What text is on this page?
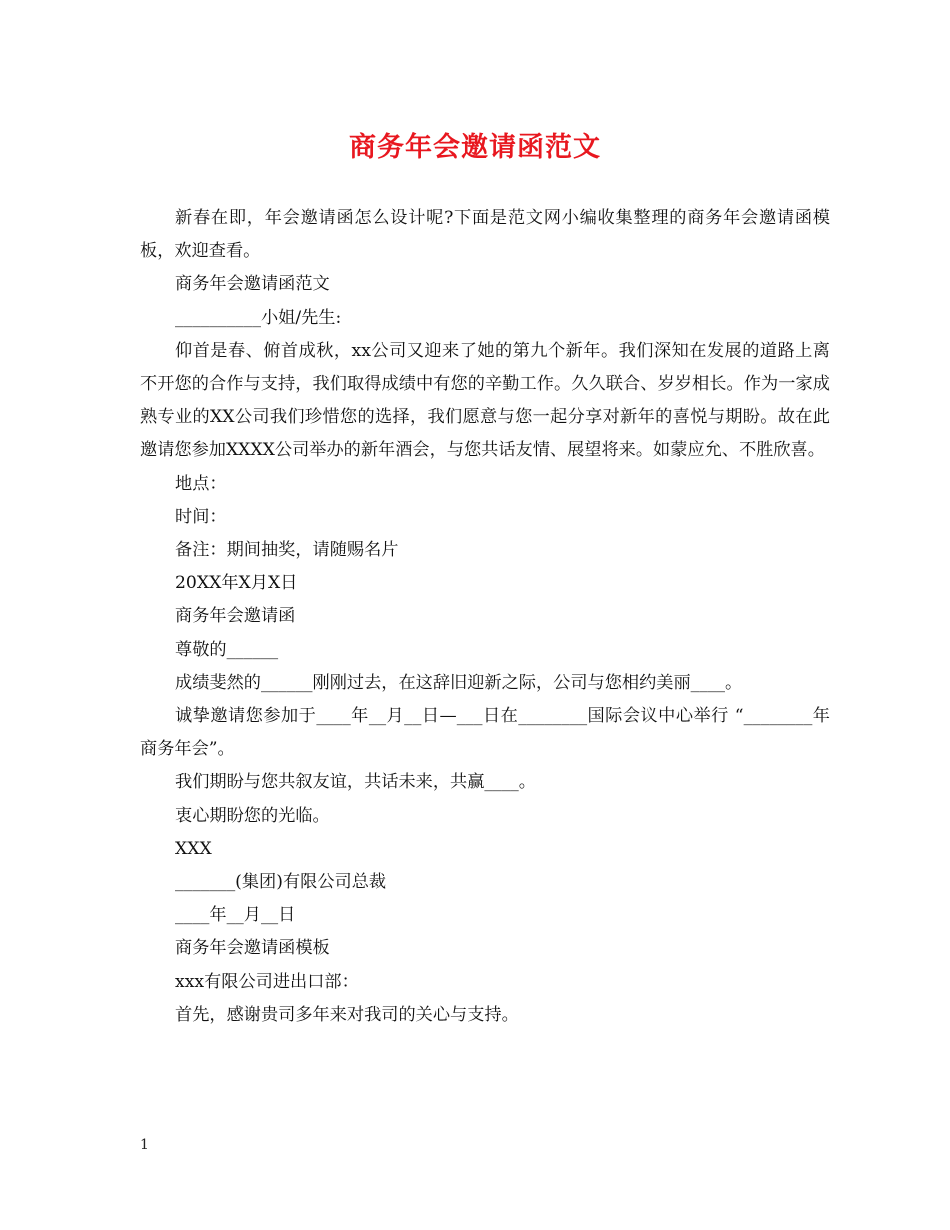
商务年会邀请函范文

新春在即，年会邀请函怎么设计呢?下面是范文网小编收集整理的商务年会邀请函模板，欢迎查看。

商务年会邀请函范文

__________小姐/先生:

仰首是春、俯首成秋，xx公司又迎来了她的第九个新年。我们深知在发展的道路上离不开您的合作与支持，我们取得成绩中有您的辛勤工作。久久联合、岁岁相长。作为一家成熟专业的XX公司我们珍惜您的选择，我们愿意与您一起分享对新年的喜悦与期盼。故在此邀请您参加XXXX公司举办的新年酒会，与您共话友情、展望将来。如蒙应允、不胜欣喜。

地点：

时间：

备注：期间抽奖，请随赐名片

20XX年X月X日

商务年会邀请函

尊敬的______

成绩斐然的______刚刚过去，在这辞旧迎新之际，公司与您相约美丽____。

诚挚邀请您参加于____年__月__日—___日在________国际会议中心举行 “________年商务年会”。

我们期盼与您共叙友谊，共话未来，共赢____。

衷心期盼您的光临。

XXX

_______(集团)有限公司总裁

____年__月__日

商务年会邀请函模板

xxx有限公司进出口部：

首先，感谢贵司多年来对我司的关心与支持。

1
